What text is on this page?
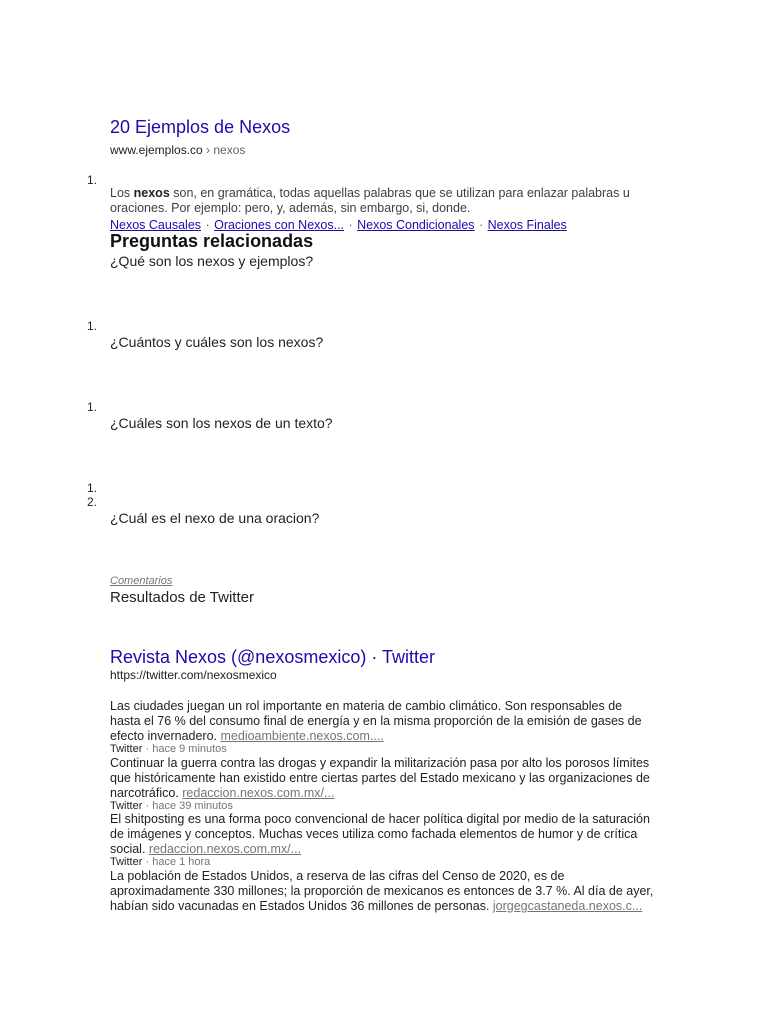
20 Ejemplos de Nexos
www.ejemplos.co › nexos
1.
Los nexos son, en gramática, todas aquellas palabras que se utilizan para enlazar palabras u oraciones. Por ejemplo: pero, y, además, sin embargo, si, donde.
Nexos Causales · Oraciones con Nexos... · Nexos Condicionales · Nexos Finales
Preguntas relacionadas
¿Qué son los nexos y ejemplos?
1.
¿Cuántos y cuáles son los nexos?
1.
¿Cuáles son los nexos de un texto?
1.
2.
¿Cuál es el nexo de una oracion?
Comentarios
Resultados de Twitter
Revista Nexos (@nexosmexico) · Twitter
https://twitter.com/nexosmexico
Las ciudades juegan un rol importante en materia de cambio climático. Son responsables de hasta el 76 % del consumo final de energía y en la misma proporción de la emisión de gases de efecto invernadero. medioambiente.nexos.com....
Twitter · hace 9 minutos
Continuar la guerra contra las drogas y expandir la militarización pasa por alto los porosos límites que históricamente han existido entre ciertas partes del Estado mexicano y las organizaciones de narcotráfico. redaccion.nexos.com.mx/...
Twitter · hace 39 minutos
El shitposting es una forma poco convencional de hacer política digital por medio de la saturación de imágenes y conceptos. Muchas veces utiliza como fachada elementos de humor y de crítica social. redaccion.nexos.com.mx/...
Twitter · hace 1 hora
La población de Estados Unidos, a reserva de las cifras del Censo de 2020, es de aproximadamente 330 millones; la proporción de mexicanos es entonces de 3.7 %. Al día de ayer, habían sido vacunadas en Estados Unidos 36 millones de personas. jorgegcastaneda.nexos.c...
